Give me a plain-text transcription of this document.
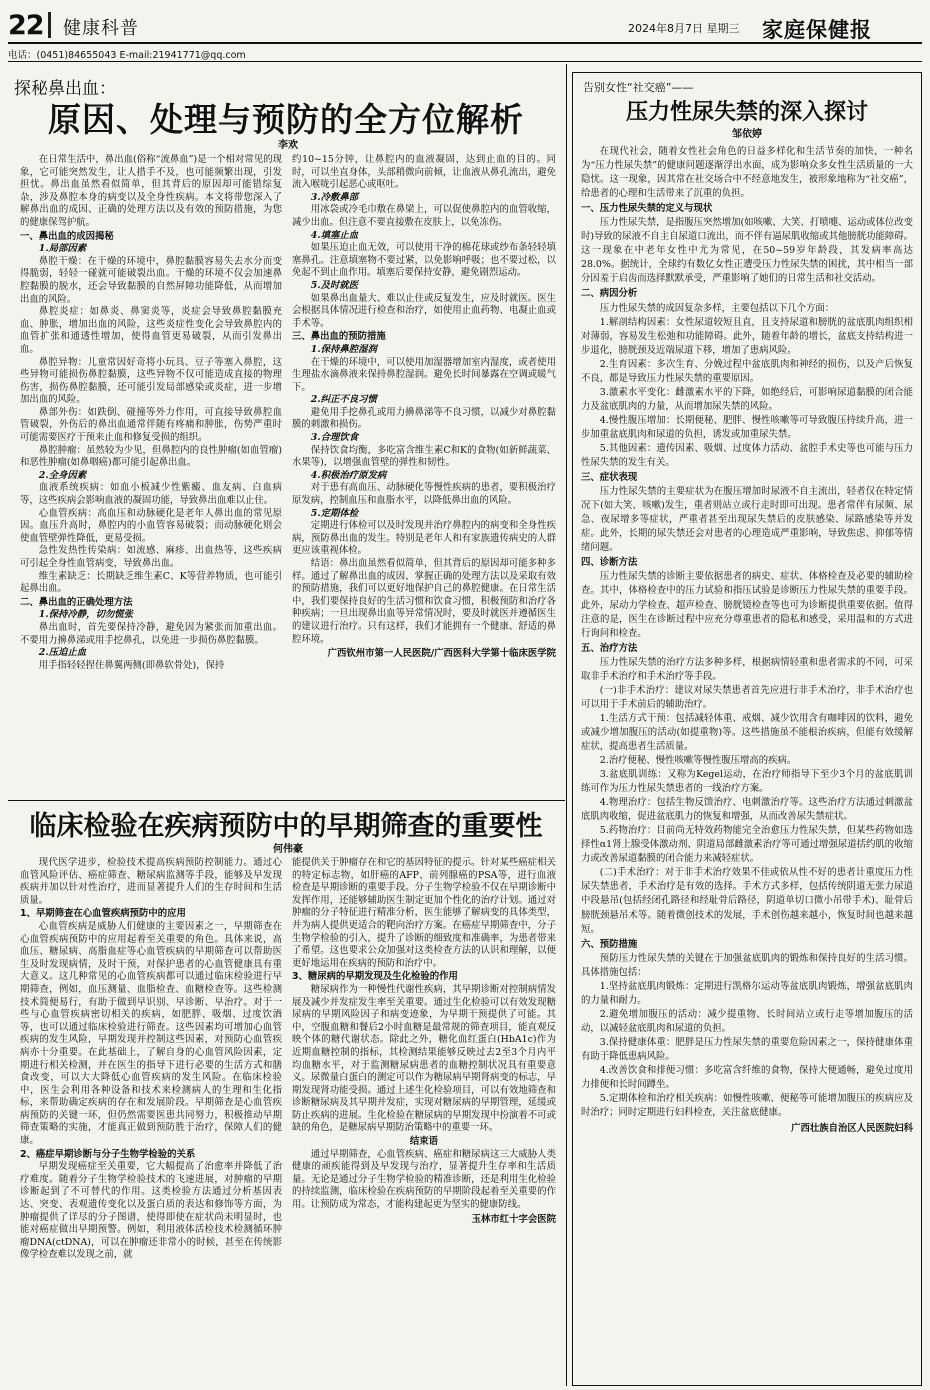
22 健康科普	2024年8月7日 星期三 家庭保健报
电话：(0451)84655043 E-mail:21941771@qq.com
探秘鼻出血：
原因、处理与预防的全方位解析
李欢

在日常生活中，鼻出血(俗称“流鼻血”)是一个相对常见的现象，它可能突然发生，让人措手不及，也可能频繁出现，引发担忧。鼻出血虽然看似简单，但其背后的原因却可能错综复杂，涉及鼻腔本身的病变以及全身性疾病。本文将带您深入了解鼻出血的成因、正确的处理方法以及有效的预防措施，为您的健康保驾护航。

一、鼻出血的成因揭秘
1.局部因素

鼻腔干燥：在干燥的环境中，鼻腔黏膜容易失去水分而变得脆弱，轻轻一碰就可能破裂出血。干燥的环境不仅会加速鼻腔黏膜的脱水，还会导致黏膜的自然屏障功能降低，从而增加出血的风险。

鼻腔炎症：如鼻炎、鼻窦炎等，炎症会导致鼻腔黏膜充血、肿胀，增加出血的风险，这些炎症性变化会导致鼻腔内的血管扩张和通透性增加，使得血管更易破裂，从而引发鼻出血。

鼻腔异物：儿童常因好奇将小玩具、豆子等塞入鼻腔，这些异物可能损伤鼻腔黏膜，这些异物不仅可能造成直接的物理伤害，损伤鼻腔黏膜，还可能引发局部感染或炎症，进一步增加出血的风险。

鼻部外伤：如跌倒、碰撞等外力作用，可直接导致鼻腔血管破裂，外伤后的鼻出血通常伴随有疼痛和肿胀，伤势严重时可能需要医疗干预来止血和修复受损的组织。

鼻腔肿瘤：虽然较为少见，但鼻腔内的良性肿瘤(如血管瘤)和恶性肿瘤(如鼻咽癌)都可能引起鼻出血。

2.全身因素

血液系统疾病：如血小板减少性紫癜、血友病、白血病等，这些疾病会影响血液的凝固功能，导致鼻出血难以止住。

心血管疾病：高血压和动脉硬化是老年人鼻出血的常见原因。血压升高时，鼻腔内的小血管容易破裂；而动脉硬化则会使血管壁弹性降低，更易受损。

急性发热性传染病：如流感、麻疹、出血热等，这些疾病可引起全身性血管病变，导致鼻出血。

维生素缺乏：长期缺乏维生素C、K等营养物质，也可能引起鼻出血。

二、鼻出血的正确处理方法
1.保持冷静，切勿慌张

鼻出血时，首先要保持冷静，避免因为紧张而加重出血。不要用力擤鼻涕或用手挖鼻孔，以免进一步损伤鼻腔黏膜。

2.压迫止血

用手指轻轻捏住鼻翼两侧(即鼻软骨处)，保持

约10~15分钟，让鼻腔内的血液凝固，达到止血的目的。同时，可以坐直身体，头部稍微向前倾，让血液从鼻孔流出，避免流入喉咙引起恶心或呕吐。

3.冷敷鼻部

用冰袋或冷毛巾敷在鼻梁上，可以促使鼻腔内的血管收缩，减少出血。但注意不要直接敷在皮肤上，以免冻伤。

4.填塞止血

如果压迫止血无效，可以使用干净的棉花球或纱布条轻轻填塞鼻孔。注意填塞物不要过紧，以免影响呼吸；也不要过松，以免起不到止血作用。填塞后要保持安静，避免剧烈运动。

5.及时就医

如果鼻出血量大、难以止住或反复发生，应及时就医。医生会根据具体情况进行检查和治疗，如使用止血药物、电凝止血或手术等。

三、鼻出血的预防措施
1.保持鼻腔湿润

在干燥的环境中，可以使用加湿器增加室内湿度，或者使用生理盐水滴鼻液来保持鼻腔湿润。避免长时间暴露在空调或暖气下。

2.纠正不良习惯

避免用手挖鼻孔或用力擤鼻涕等不良习惯，以减少对鼻腔黏膜的刺激和损伤。

3.合理饮食

保持饮食均衡，多吃富含维生素C和K的食物(如新鲜蔬菜、水果等)，以增强血管壁的弹性和韧性。

4.积极治疗原发病

对于患有高血压、动脉硬化等慢性疾病的患者，要积极治疗原发病，控制血压和血脂水平，以降低鼻出血的风险。

5.定期体检

定期进行体检可以及时发现并治疗鼻腔内的病变和全身性疾病，预防鼻出血的发生。特别是老年人和有家族遗传病史的人群更应该重视体检。

结语：鼻出血虽然看似简单，但其背后的原因却可能多种多样。通过了解鼻出血的成因、掌握正确的处理方法以及采取有效的预防措施，我们可以更好地保护自己的鼻腔健康。在日常生活中，我们要保持良好的生活习惯和饮食习惯，积极预防和治疗各种疾病；一旦出现鼻出血等异常情况时，要及时就医并遵循医生的建议进行治疗。只有这样，我们才能拥有一个健康、舒适的鼻腔环境。

广西钦州市第一人民医院/广西医科大学第十临床医学院

临床检验在疾病预防中的早期筛查的重要性
何伟豪

现代医学进步，检验技术提高疾病预防控制能力。通过心血管风险评估、癌症筛查、糖尿病监测等手段，能够及早发现疾病并加以针对性治疗，进而显著提升人们的生存时间和生活质量。

1、早期筛查在心血管疾病预防中的应用

心血管疾病是威胁人们健康的主要因素之一，早期筛查在心血管疾病预防中的应用起着至关重要的角色。具体来说，高血压、糖尿病、高脂血症等心血管疾病的早期筛查可以帮助医生及时发现病情，及时干预，对保护患者的心血管健康具有重大意义。这几种常见的心血管疾病都可以通过临床检验进行早期筛查，例如，血压测量、血脂检查、血糖检查等。这些检测技术简便易行，有助于做到早识别、早诊断、早治疗。对于一些与心血管疾病密切相关的疾病，如肥胖、吸烟、过度饮酒等，也可以通过临床检验进行筛查。这些因素均可增加心血管疾病的发生风险，早期发现并控制这些因素，对预防心血管疾病亦十分重要。在此基础上，了解自身的心血管风险因素，定期进行相关检测，并在医生的指导下进行必要的生活方式和膳食改变，可以大大降低心血管疾病的发生风险。在临床检验中，医生会利用各种设备和技术来检测病人的生理和生化指标，来帮助确定疾病的存在和发展阶段。早期筛查是心血管疾病预防的关键一环，但仍然需要医患共同努力，积极推动早期筛查策略的实施，才能真正做到预防胜于治疗，保障人们的健康。

2、癌症早期诊断与分子生物学检验的关系

早期发现癌症至关重要，它大幅提高了治愈率并降低了治疗难度。随着分子生物学检验技术的飞速进展，对肿瘤的早期诊断起到了不可替代的作用。这类检验方法通过分析基因表达、突变、表观遗传变化以及蛋白质的表达和修饰等方面，为肿瘤提供了详尽的分子图谱，使得即使在症状尚未明显时，也能对癌症做出早期预警。例如，利用液体活检技术检测循环肿瘤DNA(ctDNA)，可以在肿瘤还非常小的时候，甚至在传统影像学检查难以发现之前，就

能提供关于肿瘤存在和它的基因特征的提示。针对某些癌症相关的特定标志物，如肝癌的AFP、前列腺癌的PSA等，进行血液检查是早期诊断的重要手段。分子生物学检验不仅在早期诊断中发挥作用，还能够辅助医生制定更加个性化的治疗计划。通过对肿瘤的分子特征进行精准分析，医生能够了解病变的具体类型，并为病人提供更适合的靶向治疗方案。在癌症早期筛查中，分子生物学检验的引入，提升了诊断的细致度和准确率，为患者带来了希望。这也要求公众加强对这类检查方法的认识和理解，以便更好地运用在疾病的预防和治疗中。

3、糖尿病的早期发现及生化检验的作用

糖尿病作为一种慢性代谢性疾病，其早期诊断对控制病情发展及减少并发症发生率至关重要。通过生化检验可以有效发现糖尿病的早期风险因子和病变迹象，为早期干预提供了可能。其中，空腹血糖和餐后2小时血糖是最常规的筛查项目，能直观反映个体的糖代谢状态。除此之外，糖化血红蛋白(HbA1c)作为近期血糖控制的指标，其检测结果能够反映过去2至3个月内平均血糖水平，对于监测糖尿病患者的血糖控制状况具有重要意义。尿微量白蛋白的测定可以作为糖尿病早期肾病变的标志，早期发现肾功能受损。通过上述生化检验项目，可以有效地筛查和诊断糖尿病及其早期并发症，实现对糖尿病的早期管理，延缓或防止疾病的进展。生化检验在糖尿病的早期发现中扮演着不可或缺的角色，是糖尿病早期防治策略中的重要一环。

结束语

通过早期筛查，心血管疾病、癌症和糖尿病这三大威胁人类健康的顽疾能得到及早发现与治疗，显著提升生存率和生活质量。无论是通过分子生物学检验的精准诊断，还是利用生化检验的持续监测，临床检验在疾病预防的早期阶段起着至关重要的作用。让预防成为常态，才能构建起更为坚实的健康防线。

玉林市红十字会医院

告别女性“社交癌”——
压力性尿失禁的深入探讨
邹依婷

在现代社会，随着女性社会角色的日益多样化和生活节奏的加快，一种名为“压力性尿失禁”的健康问题逐渐浮出水面，成为影响众多女性生活质量的一大隐忧。这一现象，因其常在社交场合中不经意地发生，被形象地称为“社交癌”，给患者的心理和生活带来了沉重的负担。

一、压力性尿失禁的定义与现状

压力性尿失禁，是指腹压突然增加(如咳嗽、大笑、打喷嚏、运动或体位改变时)导致的尿液不自主自尿道口流出，而不伴有逼尿肌收缩或其他膀胱功能障碍。这一现象在中老年女性中尤为常见，在50~59岁年龄段，其发病率高达28.0%。据统计，全球约有数亿女性正遭受压力性尿失禁的困扰，其中相当一部分因羞于启齿而选择默默承受，严重影响了她们的日常生活和社交活动。

二、病因分析

压力性尿失禁的成因复杂多样，主要包括以下几个方面：

1.解剖结构因素：女性尿道较短且直，且支持尿道和膀胱的盆底肌肉组织相对薄弱，容易发生松弛和功能障碍。此外，随着年龄的增长，盆底支持结构进一步退化，膀胱颈及近端尿道下移，增加了患病风险。

2.生育因素：多次生育、分娩过程中盆底肌肉和神经的损伤，以及产后恢复不良，都是导致压力性尿失禁的重要原因。

3.激素水平变化：雌激素水平的下降，如绝经后，可影响尿道黏膜的闭合能力及盆底肌肉的力量，从而增加尿失禁的风险。

4.慢性腹压增加：长期便秘、肥胖、慢性咳嗽等可导致腹压持续升高，进一步加重盆底肌肉和尿道的负担，诱发或加重尿失禁。

5.其他因素：遗传因素、吸烟、过度体力活动、盆腔手术史等也可能与压力性尿失禁的发生有关。

三、症状表现

压力性尿失禁的主要症状为在腹压增加时尿液不自主流出，轻者仅在特定情况下(如大笑、咳嗽)发生，重者则站立或行走时即可出现。患者常伴有尿频、尿急、夜尿增多等症状，严重者甚至出现尿失禁后的皮肤感染、尿路感染等并发症。此外，长期的尿失禁还会对患者的心理造成严重影响，导致焦虑、抑郁等情绪问题。

四、诊断方法

压力性尿失禁的诊断主要依据患者的病史、症状、体格检查及必要的辅助检查。其中，体格检查中的压力试验和指压试验是诊断压力性尿失禁的重要手段。此外，尿动力学检查、超声检查、膀胱镜检查等也可为诊断提供重要依据。值得注意的是，医生在诊断过程中应充分尊重患者的隐私和感受，采用温和的方式进行询问和检查。

五、治疗方法

压力性尿失禁的治疗方法多种多样，根据病情轻重和患者需求的不同，可采取非手术治疗和手术治疗等手段。

(一)非手术治疗：建议对尿失禁患者首先应进行非手术治疗，非手术治疗也可以用于手术前后的辅助治疗。

1.生活方式干预：包括减轻体重、戒烟、减少饮用含有咖啡因的饮料，避免或减少增加腹压的活动(如提重物)等。这些措施虽不能根治疾病，但能有效缓解症状，提高患者生活质量。

2.治疗便秘、慢性咳嗽等慢性腹压增高的疾病。

3.盆底肌训练：又称为Kegel运动，在治疗师指导下至少3个月的盆底肌训练可作为压力性尿失禁患者的一线治疗方案。

4.物理治疗：包括生物反馈治疗、电刺激治疗等。这些治疗方法通过刺激盆底肌肉收缩，促进盆底肌力的恢复和增强，从而改善尿失禁症状。

5.药物治疗：目前尚无特效药物能完全治愈压力性尿失禁，但某些药物如选择性α1肾上腺受体激动剂、阴道局部雌激素治疗等可通过增强尿道括约肌的收缩力或改善尿道黏膜的闭合能力来减轻症状。

(二)手术治疗：对于非手术治疗效果不佳或依从性不好的患者计重度压力性尿失禁患者，手术治疗是有效的选择。手术方式多样，包括传统阴道无张力尿道中段悬吊(包括经闭孔路径和经耻骨后路径，阴道单切口微小吊带手术)、耻骨后膀胱颈悬吊术等。随着微创技术的发展，手术创伤越来越小，恢复时间也越来越短。

六、预防措施

预防压力性尿失禁的关键在于加强盆底肌肉的锻炼和保持良好的生活习惯。具体措施包括：

1.坚持盆底肌肉锻炼：定期进行凯格尔运动等盆底肌肉锻炼，增强盆底肌肉的力量和耐力。

2.避免增加腹压的活动：减少提重物、长时间站立或行走等增加腹压的活动，以减轻盆底肌肉和尿道的负担。

3.保持健康体重：肥胖是压力性尿失禁的重要危险因素之一，保持健康体重有助于降低患病风险。

4.改善饮食和排便习惯：多吃富含纤维的食物，保持大便通畅，避免过度用力排便和长时间蹲坐。

5.定期体检和治疗相关疾病：如慢性咳嗽、便秘等可能增加腹压的疾病应及时治疗；同时定期进行妇科检查，关注盆底健康。

广西壮族自治区人民医院妇科
